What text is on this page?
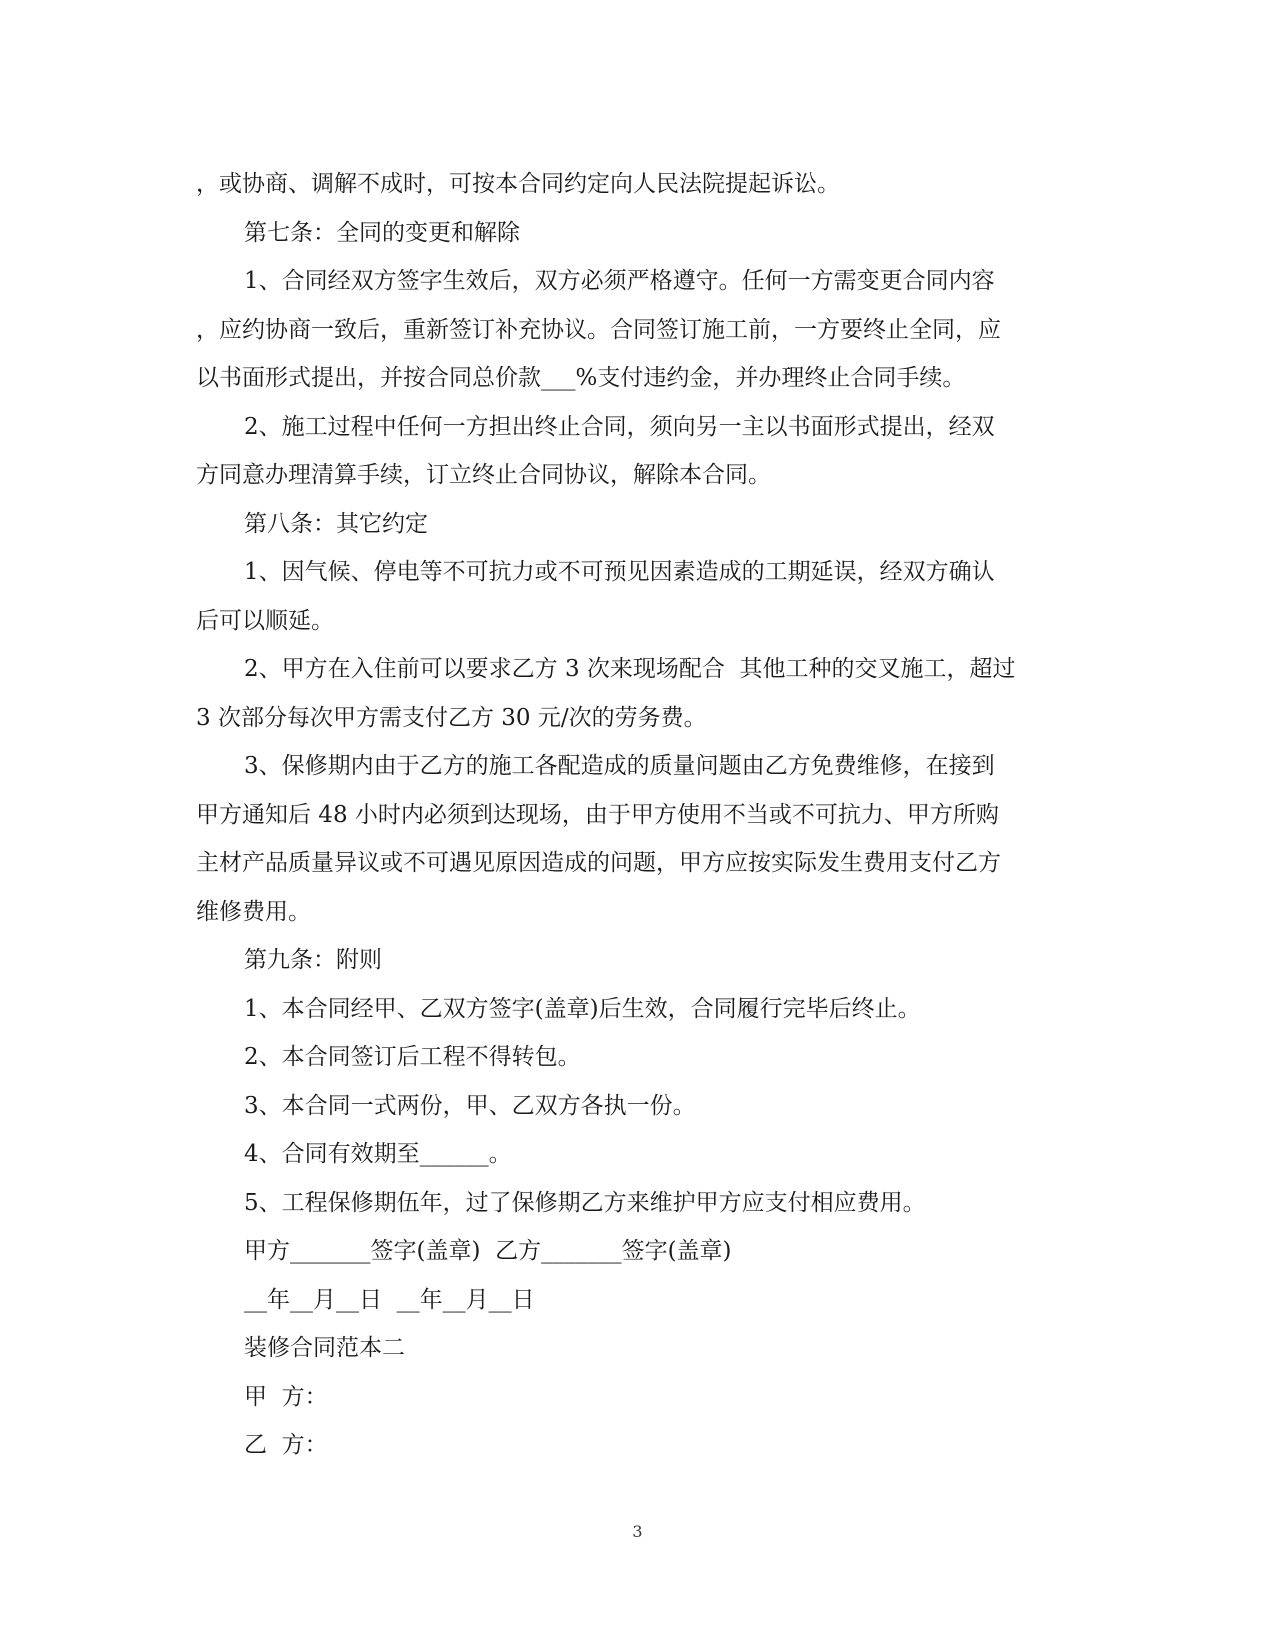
，或协商、调解不成时，可按本合同约定向人民法院提起诉讼。
第七条：全同的变更和解除
1、合同经双方签字生效后，双方必须严格遵守。任何一方需变更合同内容
，应约协商一致后，重新签订补充协议。合同签订施工前，一方要终止全同，应
以书面形式提出，并按合同总价款___%支付违约金，并办理终止合同手续。
2、施工过程中任何一方担出终止合同，须向另一主以书面形式提出，经双
方同意办理清算手续，订立终止合同协议，解除本合同。
第八条：其它约定
1、因气候、停电等不可抗力或不可预见因素造成的工期延误，经双方确认
后可以顺延。
2、甲方在入住前可以要求乙方 3 次来现场配合  其他工种的交叉施工，超过
3 次部分每次甲方需支付乙方 30 元/次的劳务费。
3、保修期内由于乙方的施工各配造成的质量问题由乙方免费维修，在接到
甲方通知后 48 小时内必须到达现场，由于甲方使用不当或不可抗力、甲方所购
主材产品质量异议或不可遇见原因造成的问题，甲方应按实际发生费用支付乙方
维修费用。
第九条：附则
1、本合同经甲、乙双方签字(盖章)后生效，合同履行完毕后终止。
2、本合同签订后工程不得转包。
3、本合同一式两份，甲、乙双方各执一份。
4、合同有效期至______。
5、工程保修期伍年，过了保修期乙方来维护甲方应支付相应费用。
甲方_______签字(盖章)  乙方_______签字(盖章)
__年__月__日  __年__月__日
装修合同范本二
甲  方：
乙  方：
3
